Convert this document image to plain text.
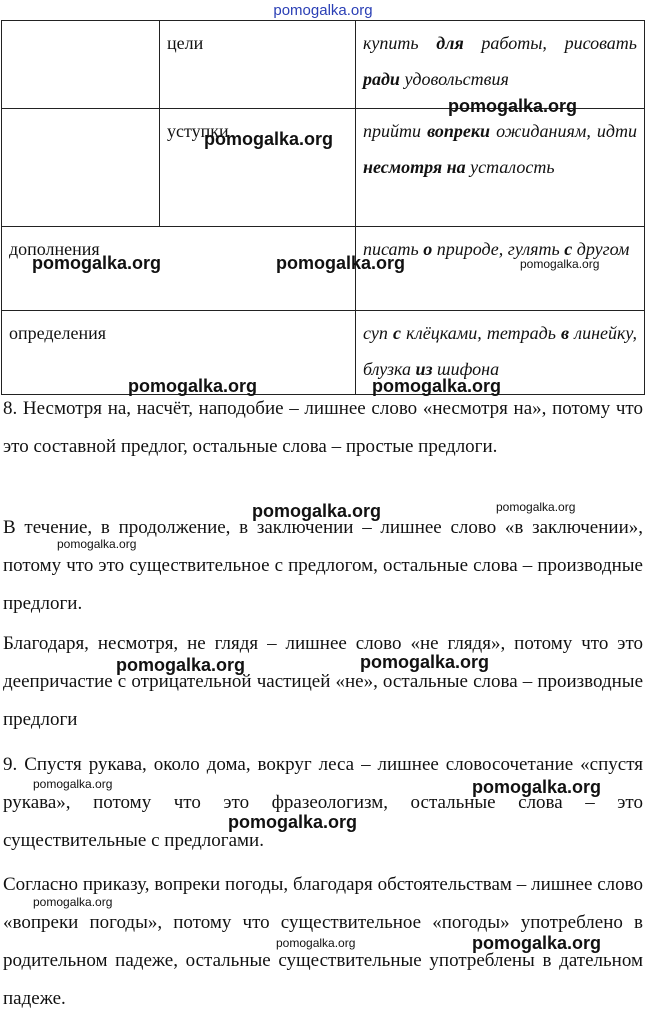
pomogalka.org
	цели	купить для работы, рисовать ради удовольствия
	уступки	прийти вопреки ожиданиям, идти несмотря на усталость
дополнения		писать о природе, гулять с другом
определения		суп с клёцками, тетрадь в линейку, блузка из шифона

8. Несмотря на, насчёт, наподобие – лишнее слово «несмотря на», потому что это составной предлог, остальные слова – простые предлоги.

В течение, в продолжение, в заключении – лишнее слово «в заключении», потому что это существительное с предлогом, остальные слова – производные предлоги.

Благодаря, несмотря, не глядя – лишнее слово «не глядя», потому что это деепричастие с отрицательной частицей «не», остальные слова – производные предлоги

9. Спустя рукава, около дома, вокруг леса – лишнее словосочетание «спустя рукава», потому что это фразеологизм, остальные слова – это существительные с предлогами.

Согласно приказу, вопреки погоды, благодаря обстоятельствам – лишнее слово «вопреки погоды», потому что существительное «погоды» употреблено в родительном падеже, остальные существительные употреблены в дательном падеже.

pomogalka.org
pomogalka.org
pomogalka.org	pomogalka.org	pomogalka.org
pomogalka.org	pomogalka.org
pomogalka.org	pomogalka.org
pomogalka.org
pomogalka.org	pomogalka.org
pomogalka.org	pomogalka.org
pomogalka.org
pomogalka.org
pomogalka.org	pomogalka.org
